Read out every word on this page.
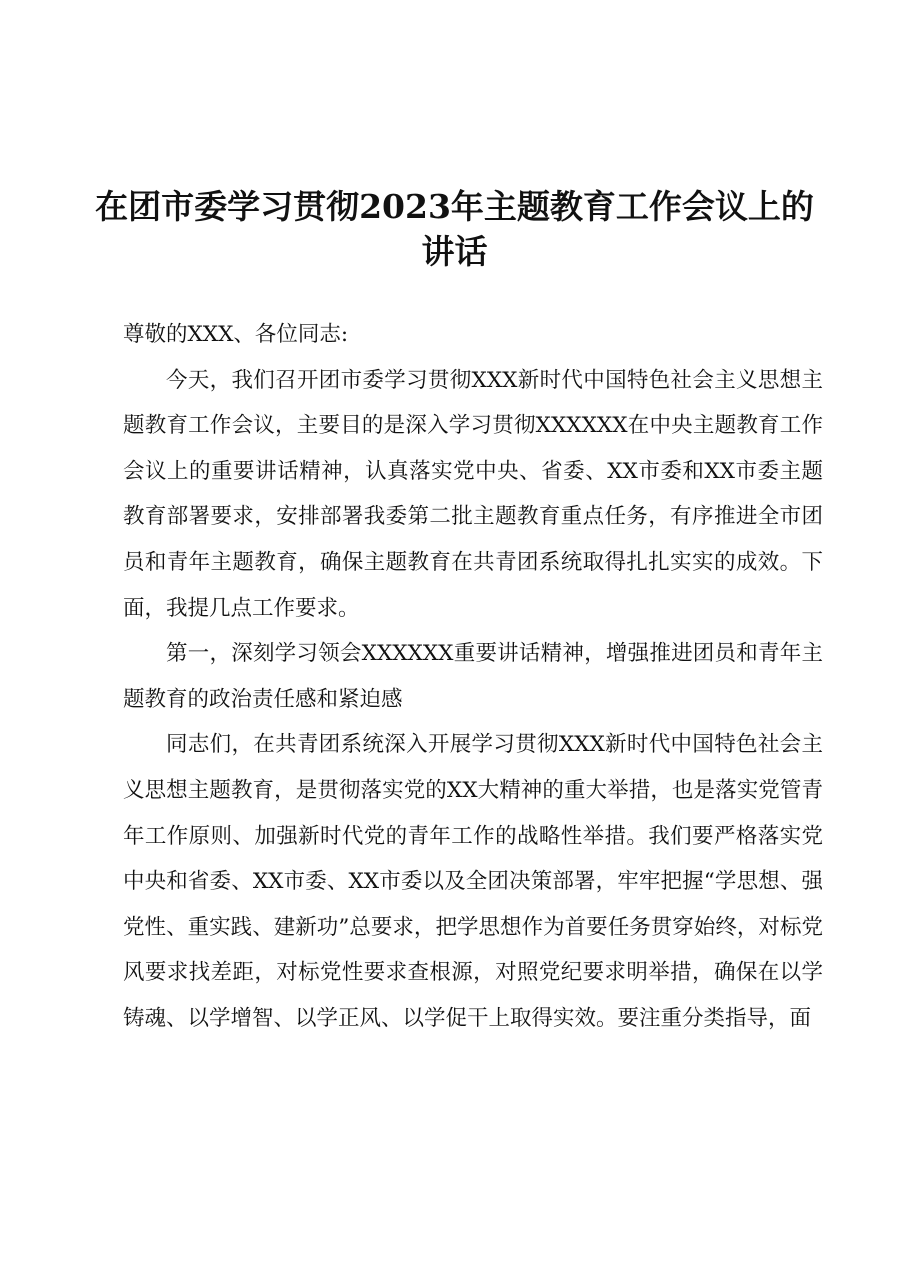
在团市委学习贯彻2023年主题教育工作会议上的讲话

尊敬的XXX、各位同志:

今天，我们召开团市委学习贯彻XXX新时代中国特色社会主义思想主题教育工作会议，主要目的是深入学习贯彻XXXXXX在中央主题教育工作会议上的重要讲话精神，认真落实党中央、省委、XX市委和XX市委主题教育部署要求，安排部署我委第二批主题教育重点任务，有序推进全市团员和青年主题教育，确保主题教育在共青团系统取得扎扎实实的成效。下面，我提几点工作要求。

第一，深刻学习领会XXXXXX重要讲话精神，增强推进团员和青年主题教育的政治责任感和紧迫感

同志们，在共青团系统深入开展学习贯彻XXX新时代中国特色社会主义思想主题教育，是贯彻落实党的XX大精神的重大举措，也是落实党管青年工作原则、加强新时代党的青年工作的战略性举措。我们要严格落实党中央和省委、XX市委、XX市委以及全团决策部署，牢牢把握“学思想、强党性、重实践、建新功”总要求，把学思想作为首要任务贯穿始终，对标党风要求找差距，对标党性要求查根源，对照党纪要求明举措，确保在以学铸魂、以学增智、以学正风、以学促干上取得实效。要注重分类指导，面
